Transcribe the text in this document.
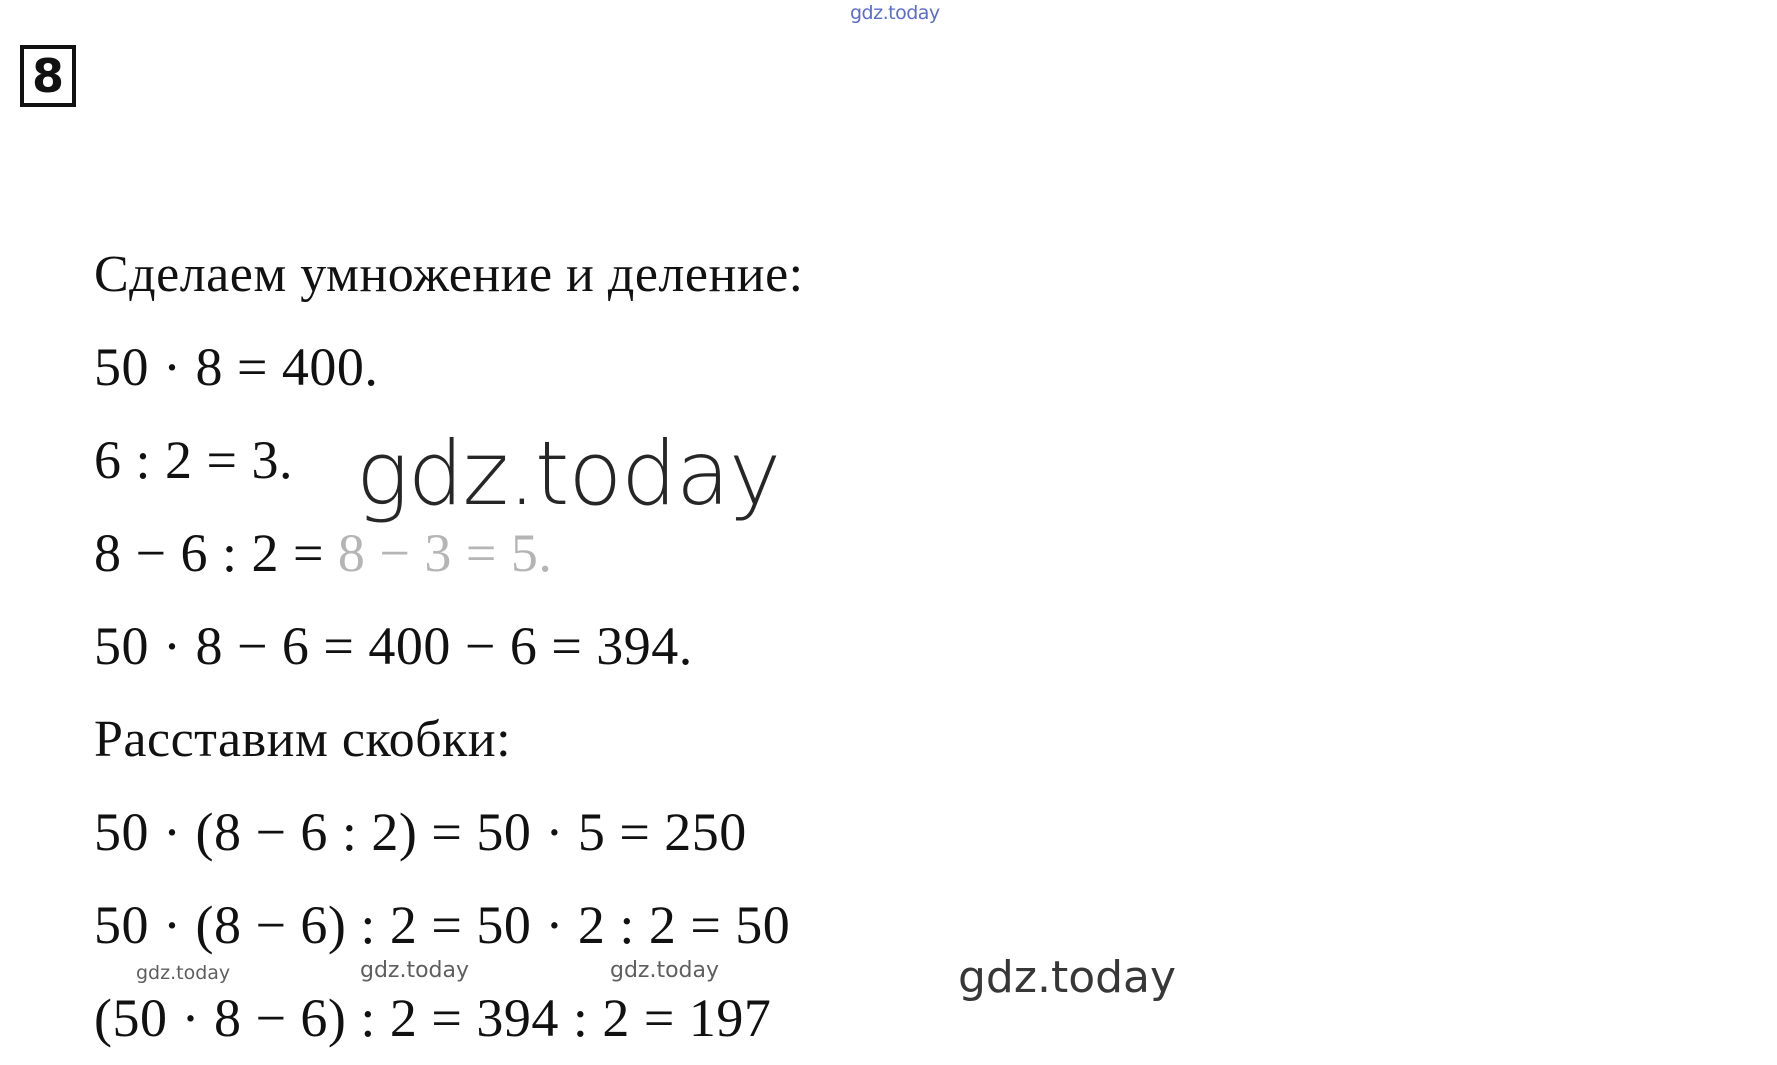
8
Сделаем умножение и деление:
50 · 8 = 400.
6 : 2 = 3.
8 − 6 : 2 = 8 − 3 = 5.
50 · 8 − 6 = 400 − 6 = 394.
Расставим скобки:
50 · (8 − 6 : 2) = 50 · 5 = 250
50 · (8 − 6) : 2 = 50 · 2 : 2 = 50
(50 · 8 − 6) : 2 = 394 : 2 = 197
gdz.today
gdz.today
gdz.today
gdz.today	gdz.today	gdz.today
